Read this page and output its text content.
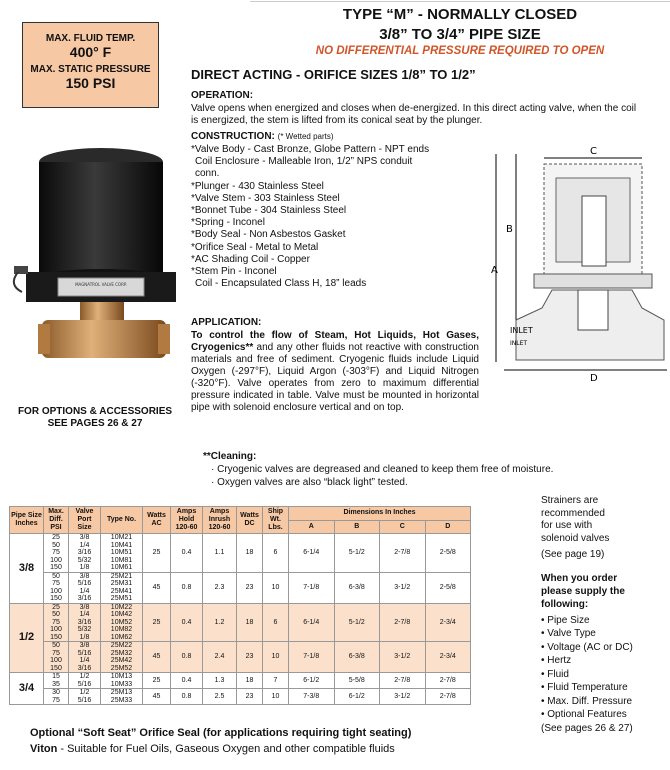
MAX. FLUID TEMP.
400° F
MAX. STATIC PRESSURE
150 PSI
TYPE “M” - NORMALLY CLOSED
3/8” TO 3/4” PIPE SIZE
NO DIFFERENTIAL PRESSURE REQUIRED TO OPEN
DIRECT ACTING - ORIFICE SIZES 1/8” TO 1/2”
OPERATION:
Valve opens when energized and closes when de-energized. In this direct acting valve, when the coil is energized, the stem is lifted from its conical seat by the plunger.
CONSTRUCTION: (* Wetted parts)
*Valve Body - Cast Bronze, Globe Pattern - NPT ends
Coil Enclosure - Malleable Iron, 1/2” NPS conduit conn.
*Plunger - 430 Stainless Steel
*Valve Stem - 303 Stainless Steel
*Bonnet Tube - 304 Stainless Steel
*Spring - Inconel
*Body Seal - Non Asbestos Gasket
*Orifice Seal - Metal to Metal
*AC Shading Coil - Copper
*Stem Pin - Inconel
Coil - Encapsulated Class H, 18” leads
APPLICATION:
To control the flow of Steam, Hot Liquids, Hot Gases, Cryogenics** and any other fluids not reactive with construction materials and free of sediment. Cryogenic fluids include Liquid Oxygen (-297°F), Liquid Argon (-303°F) and Liquid Nitrogen (-320°F). Valve operates from zero to maximum differential pressure indicated in table. Valve must be mounted in horizontal pipe with solenoid enclosure vertical and on top.
**Cleaning:
· Cryogenic valves are degreased and cleaned to keep them free of moisture.
· Oxygen valves are also “black light” tested.
FOR OPTIONS & ACCESSORIES
SEE PAGES 26 & 27
MAGNATROL VALVE CORP.
A
B
C
D
INLET
INLET
Pipe Size Inches	Max. Diff. PSI	Valve Port Size	Type No.	Watts AC	Amps Hold 120-60	Amps Inrush 120-60	Watts DC	Ship Wt. Lbs.	Dimensions In Inches			
									A	B	C	D
3/8	25
50
75
100
150	3/8
1/4
3/16
5/32
1/8	10M21
10M41
10M51
10M81
10M61	25	0.4	1.1	18	6	6-1/4	5-1/2	2-7/8	2-5/8
	50
75
100
150	3/8
5/16
1/4
3/16	25M21
25M31
25M41
25M51	45	0.8	2.3	23	10	7-1/8	6-3/8	3-1/2	2-5/8
1/2	25
50
75
100
150	3/8
1/4
3/16
5/32
1/8	10M22
10M42
10M52
10M82
10M62	25	0.4	1.2	18	6	6-1/4	5-1/2	2-7/8	2-3/4
	50
75
100
150	3/8
5/16
1/4
3/16	25M22
25M32
25M42
25M52	45	0.8	2.4	23	10	7-1/8	6-3/8	3-1/2	2-3/4
3/4	15
35	1/2
5/16	10M13
10M33	25	0.4	1.3	18	7	6-1/2	5-5/8	2-7/8	2-7/8
	30
75	1/2
5/16	25M13
25M33	45	0.8	2.5	23	10	7-3/8	6-1/2	3-1/2	2-7/8
Strainers are
recommended
for use with
solenoid valves
(See page 19)
When you order
please supply the
following:
• Pipe Size
• Valve Type
• Voltage (AC or DC)
• Hertz
• Fluid
• Fluid Temperature
• Max. Diff. Pressure
• Optional Features
(See pages 26 & 27)
Optional “Soft Seat” Orifice Seal (for applications requiring tight seating)
Viton - Suitable for Fuel Oils, Gaseous Oxygen and other compatible fluids
